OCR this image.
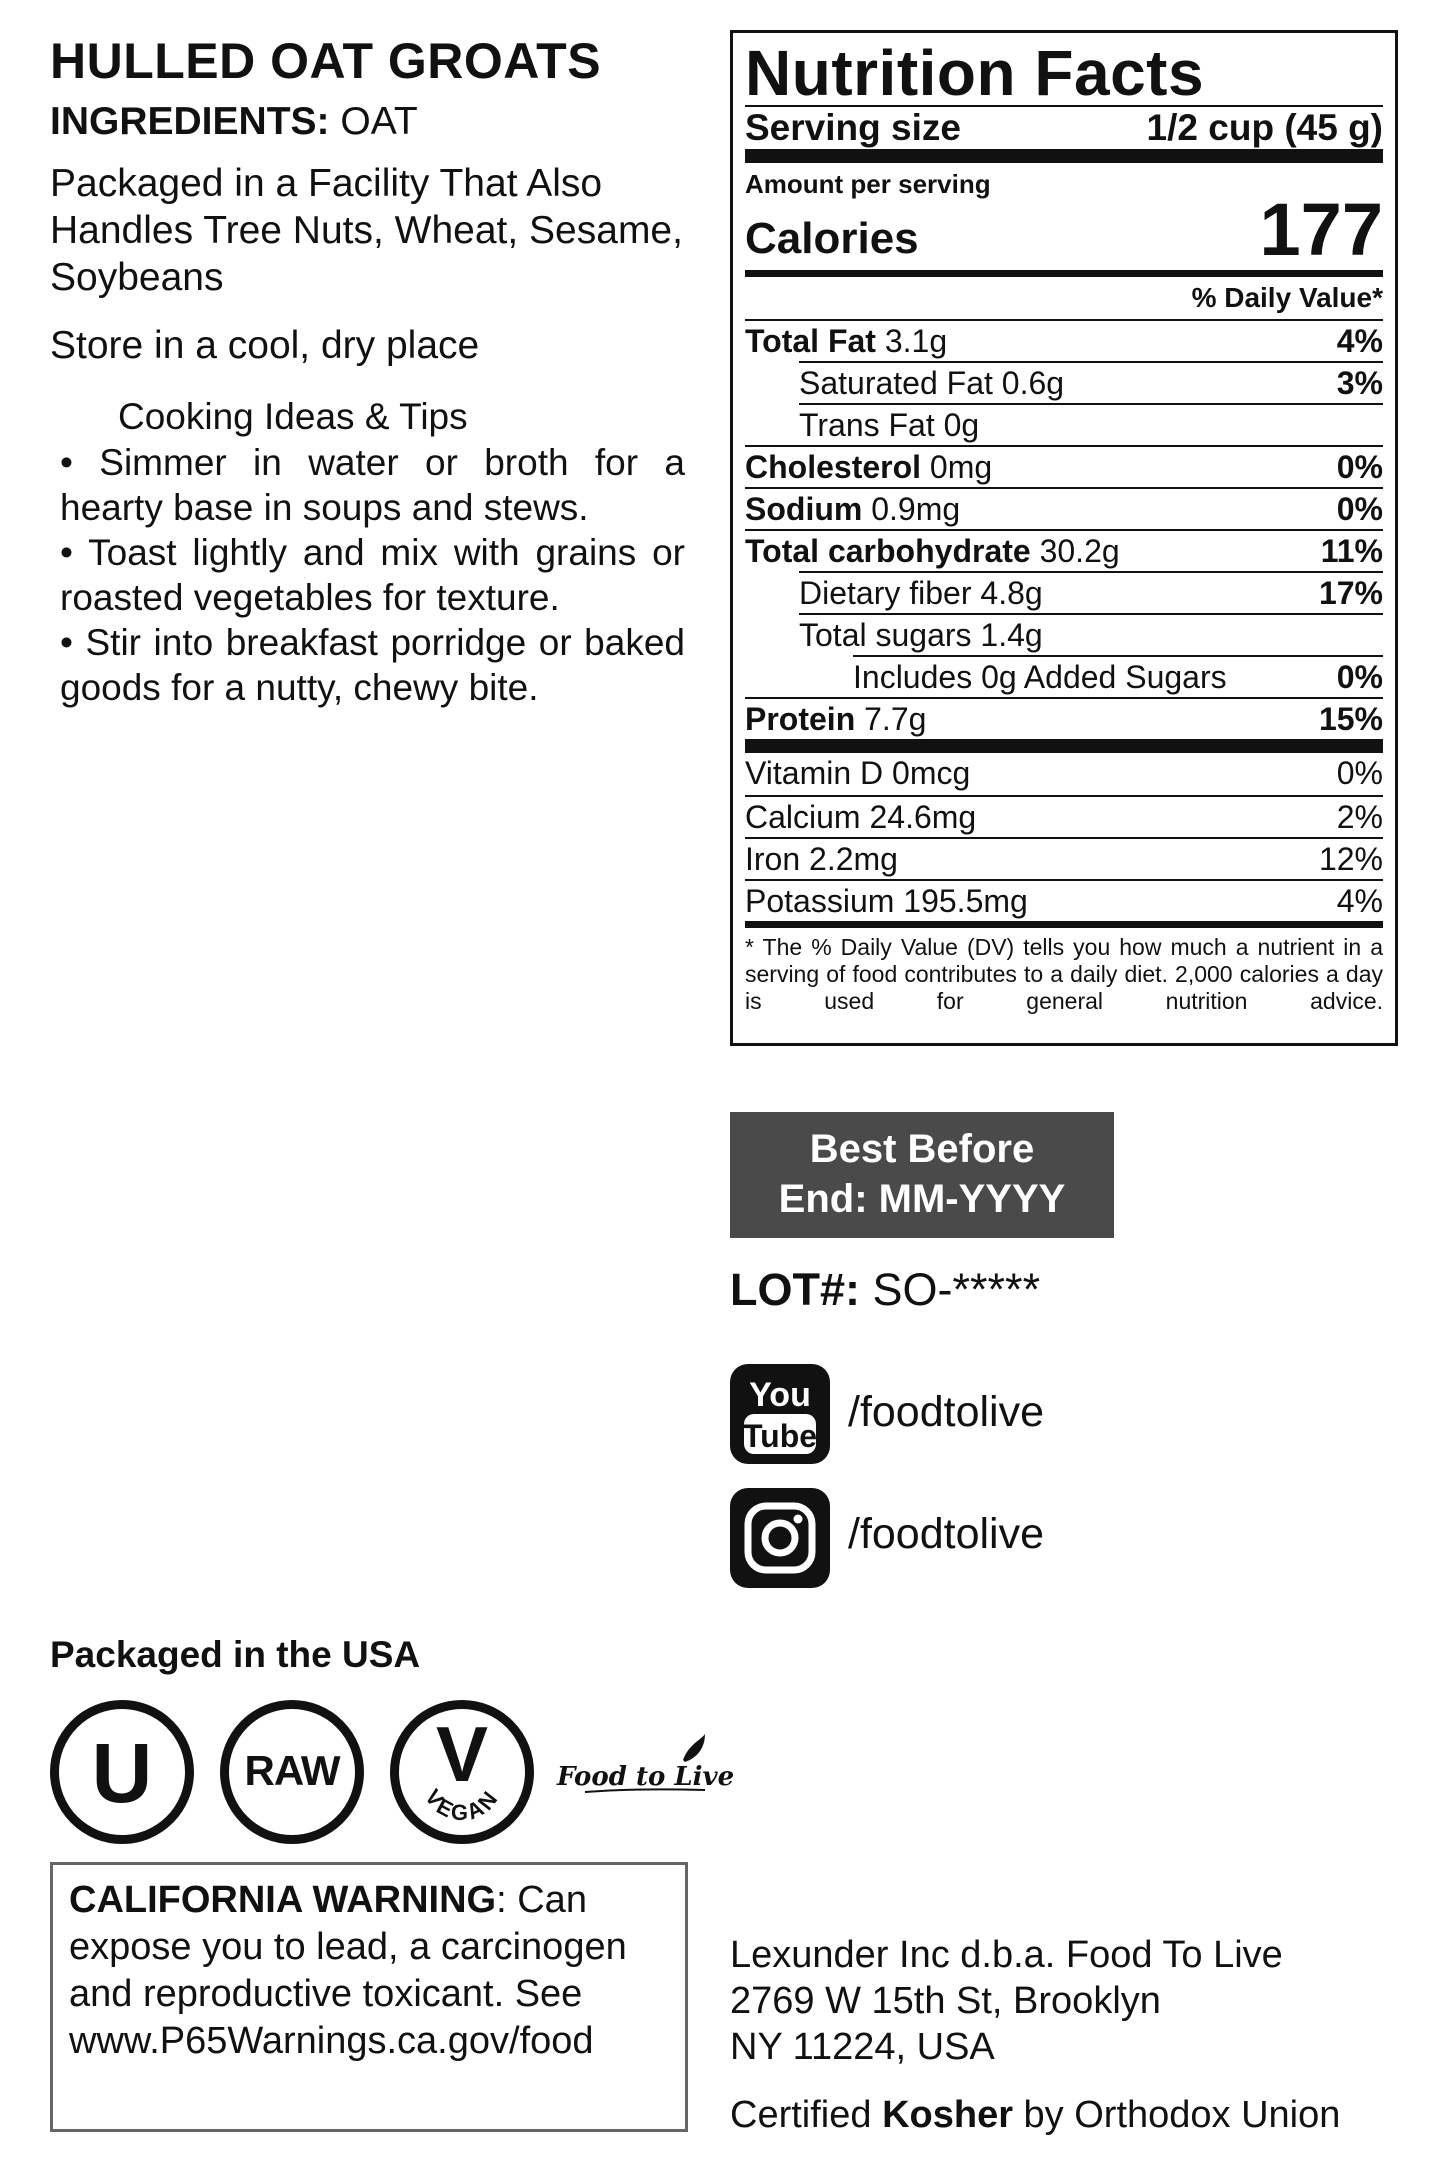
HULLED OAT GROATS
INGREDIENTS: OAT
Packaged in a Facility That Also Handles Tree Nuts, Wheat, Sesame, Soybeans
Store in a cool, dry place
Cooking Ideas & Tips
• Simmer in water or broth for a hearty base in soups and stews.
• Toast lightly and mix with grains or roasted vegetables for texture.
• Stir into breakfast porridge or baked goods for a nutty, chewy bite.
Packaged in the USA
U	RAW V
VEGAN
Food to Live
CALIFORNIA WARNING: Can expose you to lead, a carcinogen and reproductive toxicant. See www.P65Warnings.ca.gov/food
Nutrition Facts
Serving size	1/2 cup (45 g)
Amount per serving
Calories	177
% Daily Value*
Total Fat 3.1g	4%
Saturated Fat 0.6g	3%
Trans Fat 0g
Cholesterol 0mg	0%
Sodium 0.9mg	0%
Total carbohydrate 30.2g	11%
Dietary fiber 4.8g	17%
Total sugars 1.4g
Includes 0g Added Sugars	0%
Protein 7.7g	15%
Vitamin D 0mcg	0%
Calcium 24.6mg	2%
Iron 2.2mg	12%
Potassium 195.5mg	4%
* The % Daily Value (DV) tells you how much a nutrient in a serving of food contributes to a daily diet. 2,000 calories a day is used for general nutrition advice.
Best Before
End: MM-YYYY
LOT#: SO-*****
You
Tube /foodtolive
/foodtolive
Lexunder Inc d.b.a. Food To Live
2769 W 15th St, Brooklyn
NY 11224, USA
Certified Kosher by Orthodox Union
